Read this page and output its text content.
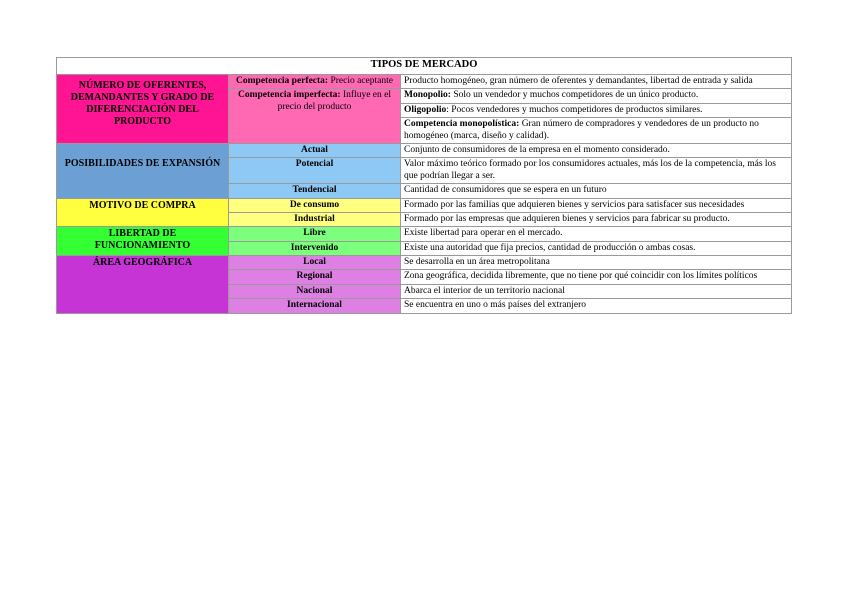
TIPOS DE MERCADO		
NÚMERO DE OFERENTES, DEMANDANTES Y GRADO DE DIFERENCIACIÓN DEL PRODUCTO	Competencia perfecta: Precio aceptante	Producto homogéneo, gran número de oferentes y demandantes, libertad de entrada y salida
	Competencia imperfecta: Influye en el precio del producto	Monopolio: Solo un vendedor y muchos competidores de un único producto.
		Oligopolio: Pocos vendedores y muchos competidores de productos similares.
		Competencia monopolística: Gran número de compradores y vendedores de un producto no homogéneo (marca, diseño y calidad).
POSIBILIDADES DE EXPANSIÓN	Actual	Conjunto de consumidores de la empresa en el momento considerado.
	Potencial	Valor máximo teórico formado por los consumidores actuales, más los de la competencia, más los que podrían llegar a ser.
	Tendencial	Cantidad de consumidores que se espera en un futuro
MOTIVO DE COMPRA	De consumo	Formado por las familias que adquieren bienes y servicios para satisfacer sus necesidades
	Industrial	Formado por las empresas que adquieren bienes y servicios para fabricar su producto.
LIBERTAD DE FUNCIONAMIENTO	Libre	Existe libertad para operar en el mercado.
	Intervenido	Existe una autoridad que fija precios, cantidad de producción o ambas cosas.
ÁREA GEOGRÁFICA	Local	Se desarrolla en un área metropolitana
	Regional	Zona geográfica, decidida libremente, que no tiene por qué coincidir con los límites políticos
	Nacional	Abarca el interior de un territorio nacional
	Internacional	Se encuentra en uno o más países del extranjero
